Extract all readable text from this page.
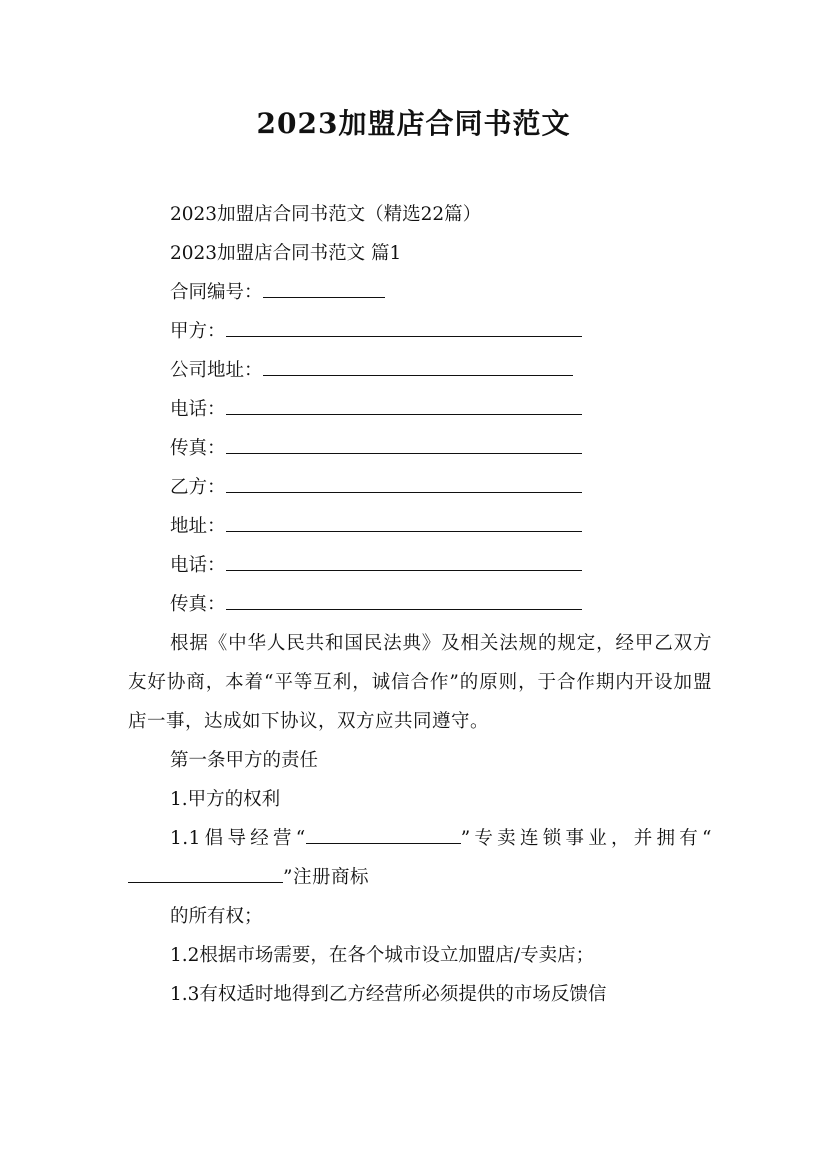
2023加盟店合同书范文
2023加盟店合同书范文（精选22篇）
2023加盟店合同书范文 篇1
合同编号：
甲方：
公司地址：
电话：
传真：
乙方：
地址：
电话：
传真：
根据《中华人民共和国民法典》及相关法规的规定，经甲乙双方友好协商，本着“平等互利，诚信合作”的原则，于合作期内开设加盟店一事，达成如下协议，双方应共同遵守。
第一条甲方的责任
1.甲方的权利
1.1倡导经营“	”专卖连锁事业，并拥有“”注册商标
的所有权；
1.2根据市场需要，在各个城市设立加盟店/专卖店；
1.3有权适时地得到乙方经营所必须提供的市场反馈信
